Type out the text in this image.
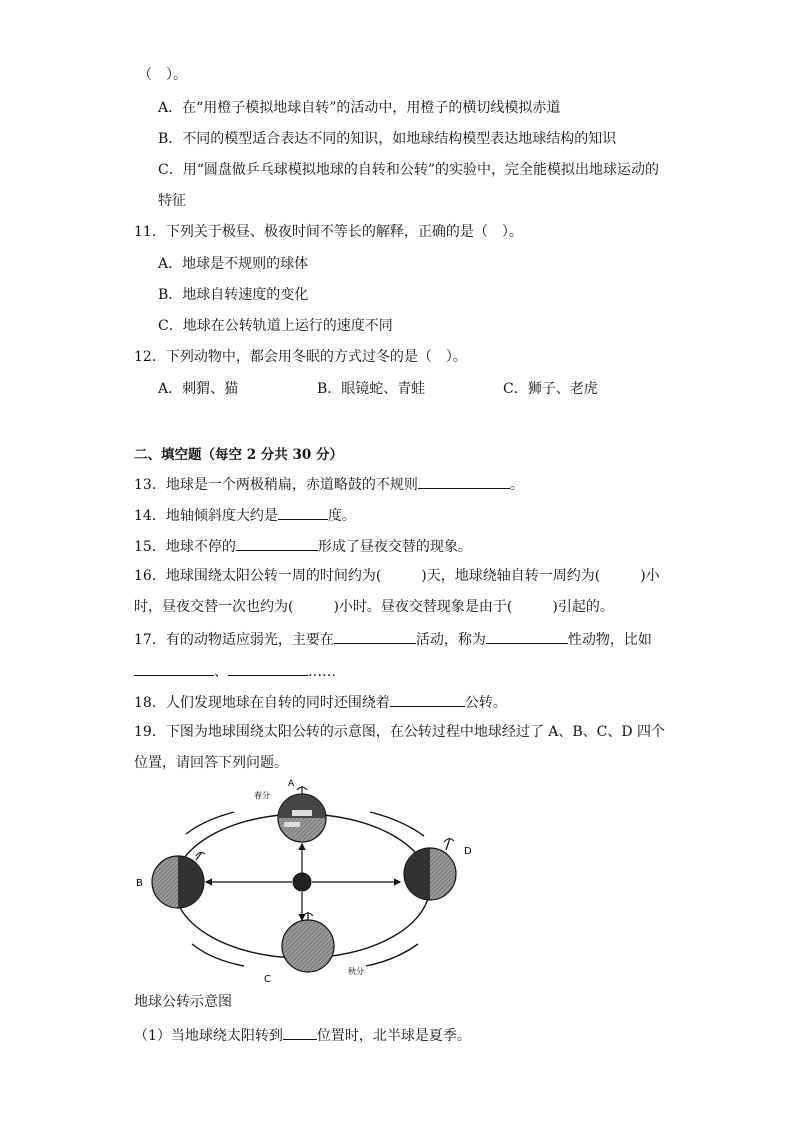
（　）。
A．在“用橙子模拟地球自转”的活动中，用橙子的横切线模拟赤道
B．不同的模型适合表达不同的知识，如地球结构模型表达地球结构的知识
C．用“圆盘做乒乓球模拟地球的自转和公转”的实验中，完全能模拟出地球运动的
特征
11．下列关于极昼、极夜时间不等长的解释，正确的是（　）。
A．地球是不规则的球体
B．地球自转速度的变化
C．地球在公转轨道上运行的速度不同
12．下列动物中，都会用冬眠的方式过冬的是（　）。
A．刺猬、猫	B．眼镜蛇、青蛙	C．狮子、老虎
二、填空题（每空 2 分共 30 分）
13．地球是一个两极稍扁，赤道略鼓的不规则	。
14．地轴倾斜度大约是	度。
15．地球不停的	形成了昼夜交替的现象。
16．地球围绕太阳公转一周的时间约为(	)天，地球绕轴自转一周约为(	)小
时，昼夜交替一次也约为(	)小时。昼夜交替现象是由于(	)引起的。
17．有的动物适应弱光，主要在	活动，称为	性动物，比如
、	……
18．人们发现地球在自转的同时还围绕着	公转。
19．下图为地球围绕太阳公转的示意图，在公转过程中地球经过了 A、B、C、D 四个
位置，请回答下列问题。
A
B
C
D
春分
秋分
地球公转示意图
（1）当地球绕太阳转到 位置时，北半球是夏季。
